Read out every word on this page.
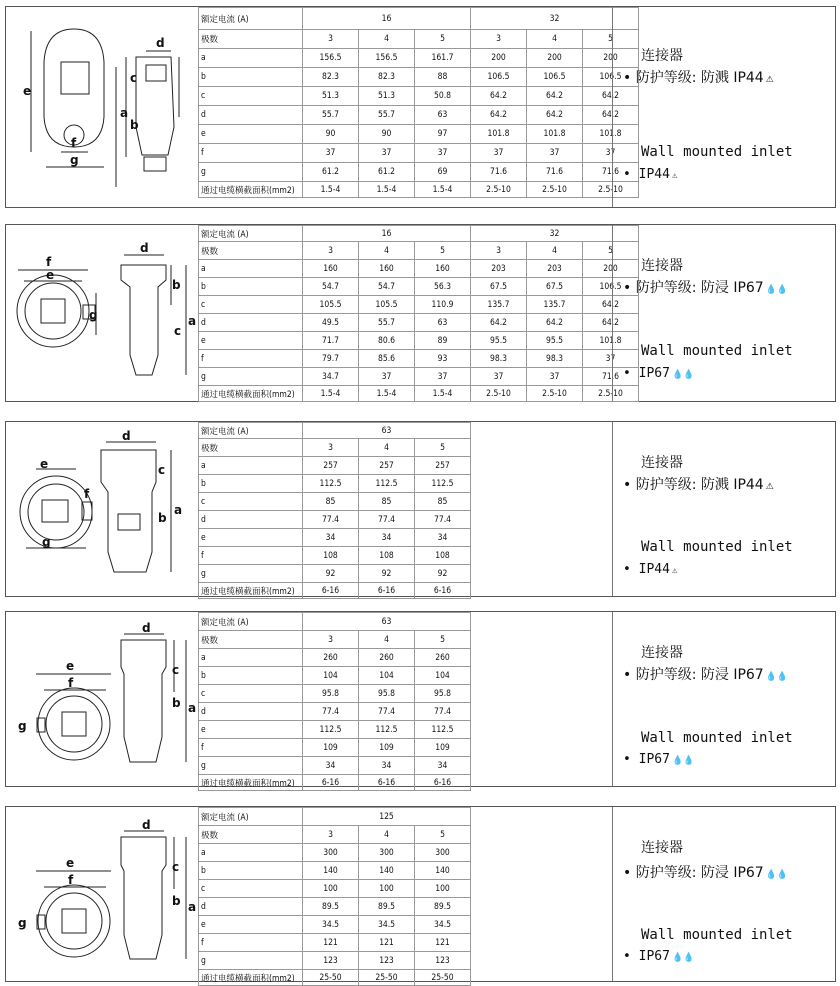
e
f
g
d
c
a
b
额定电流 (A)	16			32		
极数	3	4	5	3	4	5
a	156.5	156.5	161.7	200	200	200
b	82.3	82.3	88	106.5	106.5	106.5
c	51.3	51.3	50.8	64.2	64.2	64.2
d	55.7	55.7	63	64.2	64.2	64.2
e	90	90	97	101.8	101.8	101.8
f	37	37	37	37	37	37
g	61.2	61.2	69	71.6	71.6	71.6
通过电缆横截面积(mm2)	1.5-4	1.5-4	1.5-4	2.5-10	2.5-10	2.5-10
连接器
• 防护等级: 防溅 IP44 ⚠
Wall mounted inlet
• IP44 ⚠
f
e
g
d
b
c
a
额定电流 (A)	16			32		
极数	3	4	5	3	4	5
a	160	160	160	203	203	200
b	54.7	54.7	56.3	67.5	67.5	106.5
c	105.5	105.5	110.9	135.7	135.7	64.2
d	49.5	55.7	63	64.2	64.2	64.2
e	71.7	80.6	89	95.5	95.5	101.8
f	79.7	85.6	93	98.3	98.3	37
g	34.7	37	37	37	37	71.6
通过电缆横截面积(mm2)	1.5-4	1.5-4	1.5-4	2.5-10	2.5-10	2.5-10
连接器
• 防护等级: 防浸 IP67 💧💧
Wall mounted inlet
• IP67 💧💧
e
f
g
d
c
b
a
额定电流 (A)	63		
极数	3	4	5
a	257	257	257
b	112.5	112.5	112.5
c	85	85	85
d	77.4	77.4	77.4
e	34	34	34
f	108	108	108
g	92	92	92
通过电缆横截面积(mm2)	6-16	6-16	6-16
连接器
• 防护等级: 防溅 IP44 ⚠
Wall mounted inlet
• IP44 ⚠
e
f
g
d
c
b a
额定电流 (A)	63		
极数	3	4	5
a	260	260	260
b	104	104	104
c	95.8	95.8	95.8
d	77.4	77.4	77.4
e	112.5	112.5	112.5
f	109	109	109
g	34	34	34
通过电缆横截面积(mm2)	6-16	6-16	6-16
连接器
• 防护等级: 防浸 IP67 💧💧
Wall mounted inlet
• IP67 💧💧
e
f
g
d
c
b a
额定电流 (A)	125		
极数	3	4	5
a	300	300	300
b	140	140	140
c	100	100	100
d	89.5	89.5	89.5
e	34.5	34.5	34.5
f	121	121	121
g	123	123	123
通过电缆横截面积(mm2)	25-50	25-50	25-50
连接器
• 防护等级: 防浸 IP67 💧💧
Wall mounted inlet
• IP67 💧💧
